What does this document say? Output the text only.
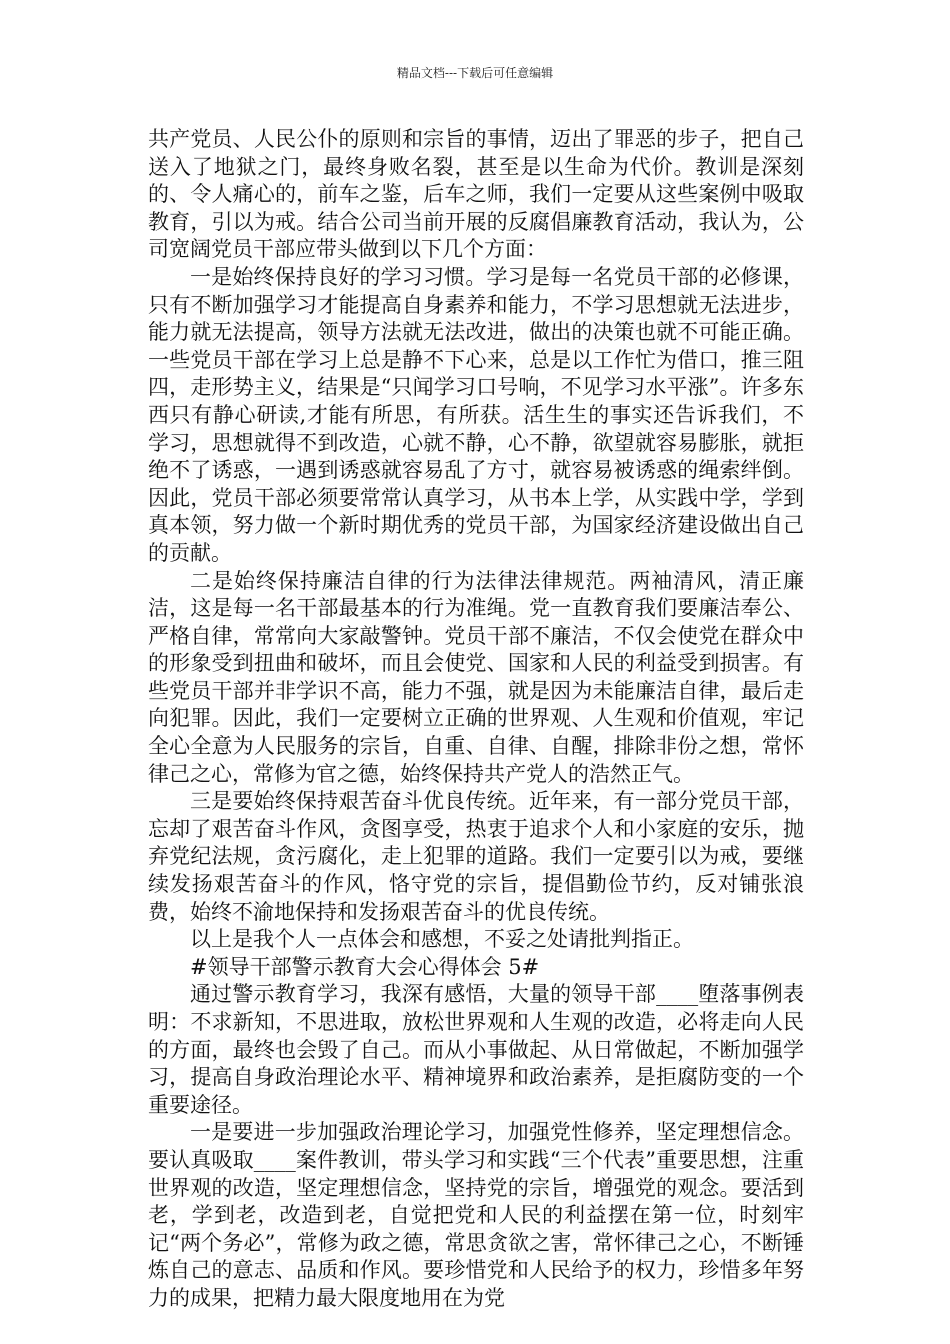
精品文档---下载后可任意编辑

共产党员、人民公仆的原则和宗旨的事情，迈出了罪恶的步子，把自己送入了地狱之门，最终身败名裂，甚至是以生命为代价。教训是深刻的、令人痛心的，前车之鉴，后车之师，我们一定要从这些案例中吸取教育，引以为戒。结合公司当前开展的反腐倡廉教育活动，我认为，公司宽阔党员干部应带头做到以下几个方面：

一是始终保持良好的学习习惯。学习是每一名党员干部的必修课，只有不断加强学习才能提高自身素养和能力，不学习思想就无法进步，能力就无法提高，领导方法就无法改进，做出的决策也就不可能正确。一些党员干部在学习上总是静不下心来，总是以工作忙为借口，推三阻四，走形势主义，结果是“只闻学习口号响，不见学习水平涨”。许多东西只有静心研读,才能有所思，有所获。活生生的事实还告诉我们，不学习，思想就得不到改造，心就不静，心不静，欲望就容易膨胀，就拒绝不了诱惑，一遇到诱惑就容易乱了方寸，就容易被诱惑的绳索绊倒。因此，党员干部必须要常常认真学习，从书本上学，从实践中学，学到真本领，努力做一个新时期优秀的党员干部，为国家经济建设做出自己的贡献。

二是始终保持廉洁自律的行为法律法律规范。两袖清风，清正廉洁，这是每一名干部最基本的行为准绳。党一直教育我们要廉洁奉公、严格自律，常常向大家敲警钟。党员干部不廉洁，不仅会使党在群众中的形象受到扭曲和破坏，而且会使党、国家和人民的利益受到损害。有些党员干部并非学识不高，能力不强，就是因为未能廉洁自律，最后走向犯罪。因此，我们一定要树立正确的世界观、人生观和价值观，牢记全心全意为人民服务的宗旨，自重、自律、自醒，排除非份之想，常怀律己之心，常修为官之德，始终保持共产党人的浩然正气。

三是要始终保持艰苦奋斗优良传统。近年来，有一部分党员干部，忘却了艰苦奋斗作风，贪图享受，热衷于追求个人和小家庭的安乐，抛弃党纪法规，贪污腐化，走上犯罪的道路。我们一定要引以为戒，要继续发扬艰苦奋斗的作风，恪守党的宗旨，提倡勤俭节约，反对铺张浪费，始终不渝地保持和发扬艰苦奋斗的优良传统。

以上是我个人一点体会和感想，不妥之处请批判指正。

#领导干部警示教育大会心得体会 5#

通过警示教育学习，我深有感悟，大量的领导干部____堕落事例表明：不求新知，不思进取，放松世界观和人生观的改造，必将走向人民的方面，最终也会毁了自己。而从小事做起、从日常做起，不断加强学习，提高自身政治理论水平、精神境界和政治素养，是拒腐防变的一个重要途径。

一是要进一步加强政治理论学习，加强党性修养，坚定理想信念。要认真吸取____案件教训，带头学习和实践“三个代表”重要思想，注重世界观的改造，坚定理想信念，坚持党的宗旨，增强党的观念。要活到老，学到老，改造到老，自觉把党和人民的利益摆在第一位，时刻牢记“两个务必”，常修为政之德，常思贪欲之害，常怀律己之心，不断锤炼自己的意志、品质和作风。要珍惜党和人民给予的权力，珍惜多年努力的成果，把精力最大限度地用在为党
